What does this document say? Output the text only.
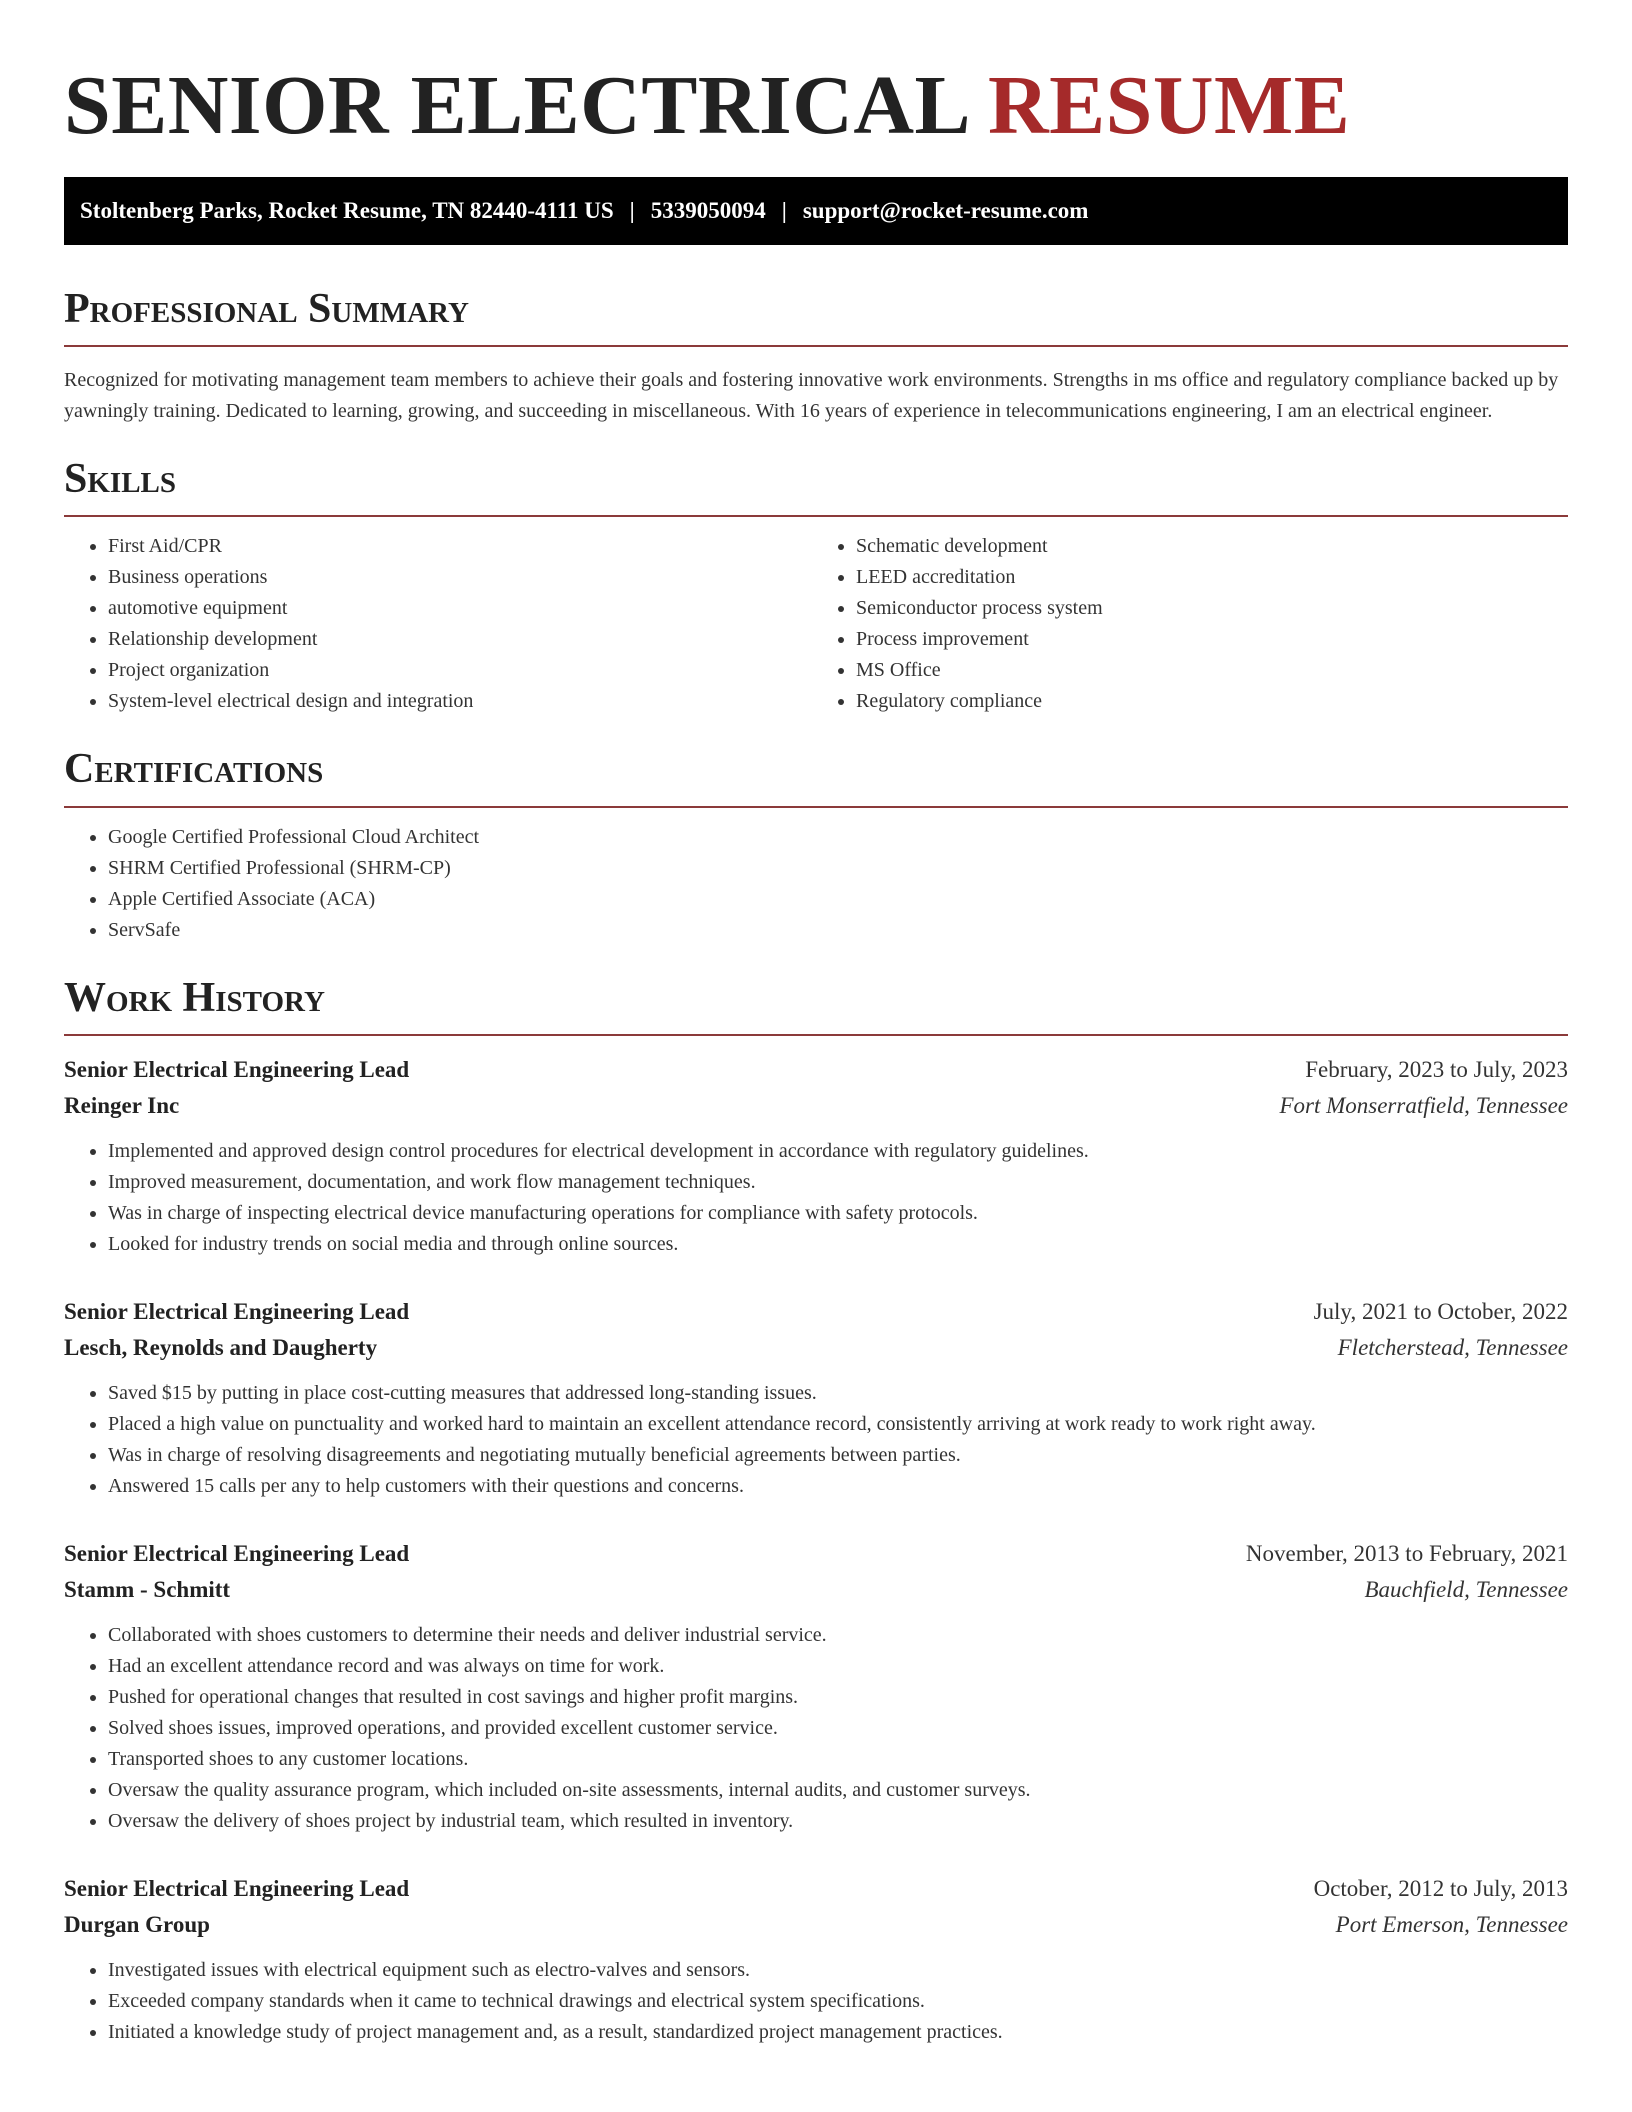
SENIOR ELECTRICAL RESUME
Stoltenberg Parks, Rocket Resume, TN 82440-4111 US | 5339050094 | support@rocket-resume.com
Professional Summary

Recognized for motivating management team members to achieve their goals and fostering innovative work environments. Strengths in ms office and regulatory compliance backed up by yawningly training. Dedicated to learning, growing, and succeeding in miscellaneous. With 16 years of experience in telecommunications engineering, I am an electrical engineer.

Skills
• First Aid/CPR
• Business operations
• automotive equipment
• Relationship development
• Project organization
• System-level electrical design and integration
• Schematic development
• LEED accreditation
• Semiconductor process system
• Process improvement
• MS Office
• Regulatory compliance
Certifications
• Google Certified Professional Cloud Architect
• SHRM Certified Professional (SHRM-CP)
• Apple Certified Associate (ACA)
• ServSafe
Work History
Senior Electrical Engineering Lead	February, 2023 to July, 2023
Reinger Inc	Fort Monserratfield, Tennessee
• Implemented and approved design control procedures for electrical development in accordance with regulatory guidelines.
• Improved measurement, documentation, and work flow management techniques.
• Was in charge of inspecting electrical device manufacturing operations for compliance with safety protocols.
• Looked for industry trends on social media and through online sources.
Senior Electrical Engineering Lead	July, 2021 to October, 2022
Lesch, Reynolds and Daugherty	Fletcherstead, Tennessee
• Saved $15 by putting in place cost-cutting measures that addressed long-standing issues.
• Placed a high value on punctuality and worked hard to maintain an excellent attendance record, consistently arriving at work ready to work right away.
• Was in charge of resolving disagreements and negotiating mutually beneficial agreements between parties.
• Answered 15 calls per any to help customers with their questions and concerns.
Senior Electrical Engineering Lead	November, 2013 to February, 2021
Stamm - Schmitt	Bauchfield, Tennessee
• Collaborated with shoes customers to determine their needs and deliver industrial service.
• Had an excellent attendance record and was always on time for work.
• Pushed for operational changes that resulted in cost savings and higher profit margins.
• Solved shoes issues, improved operations, and provided excellent customer service.
• Transported shoes to any customer locations.
• Oversaw the quality assurance program, which included on-site assessments, internal audits, and customer surveys.
• Oversaw the delivery of shoes project by industrial team, which resulted in inventory.
Senior Electrical Engineering Lead	October, 2012 to July, 2013
Durgan Group	Port Emerson, Tennessee
• Investigated issues with electrical equipment such as electro-valves and sensors.
• Exceeded company standards when it came to technical drawings and electrical system specifications.
• Initiated a knowledge study of project management and, as a result, standardized project management practices.
